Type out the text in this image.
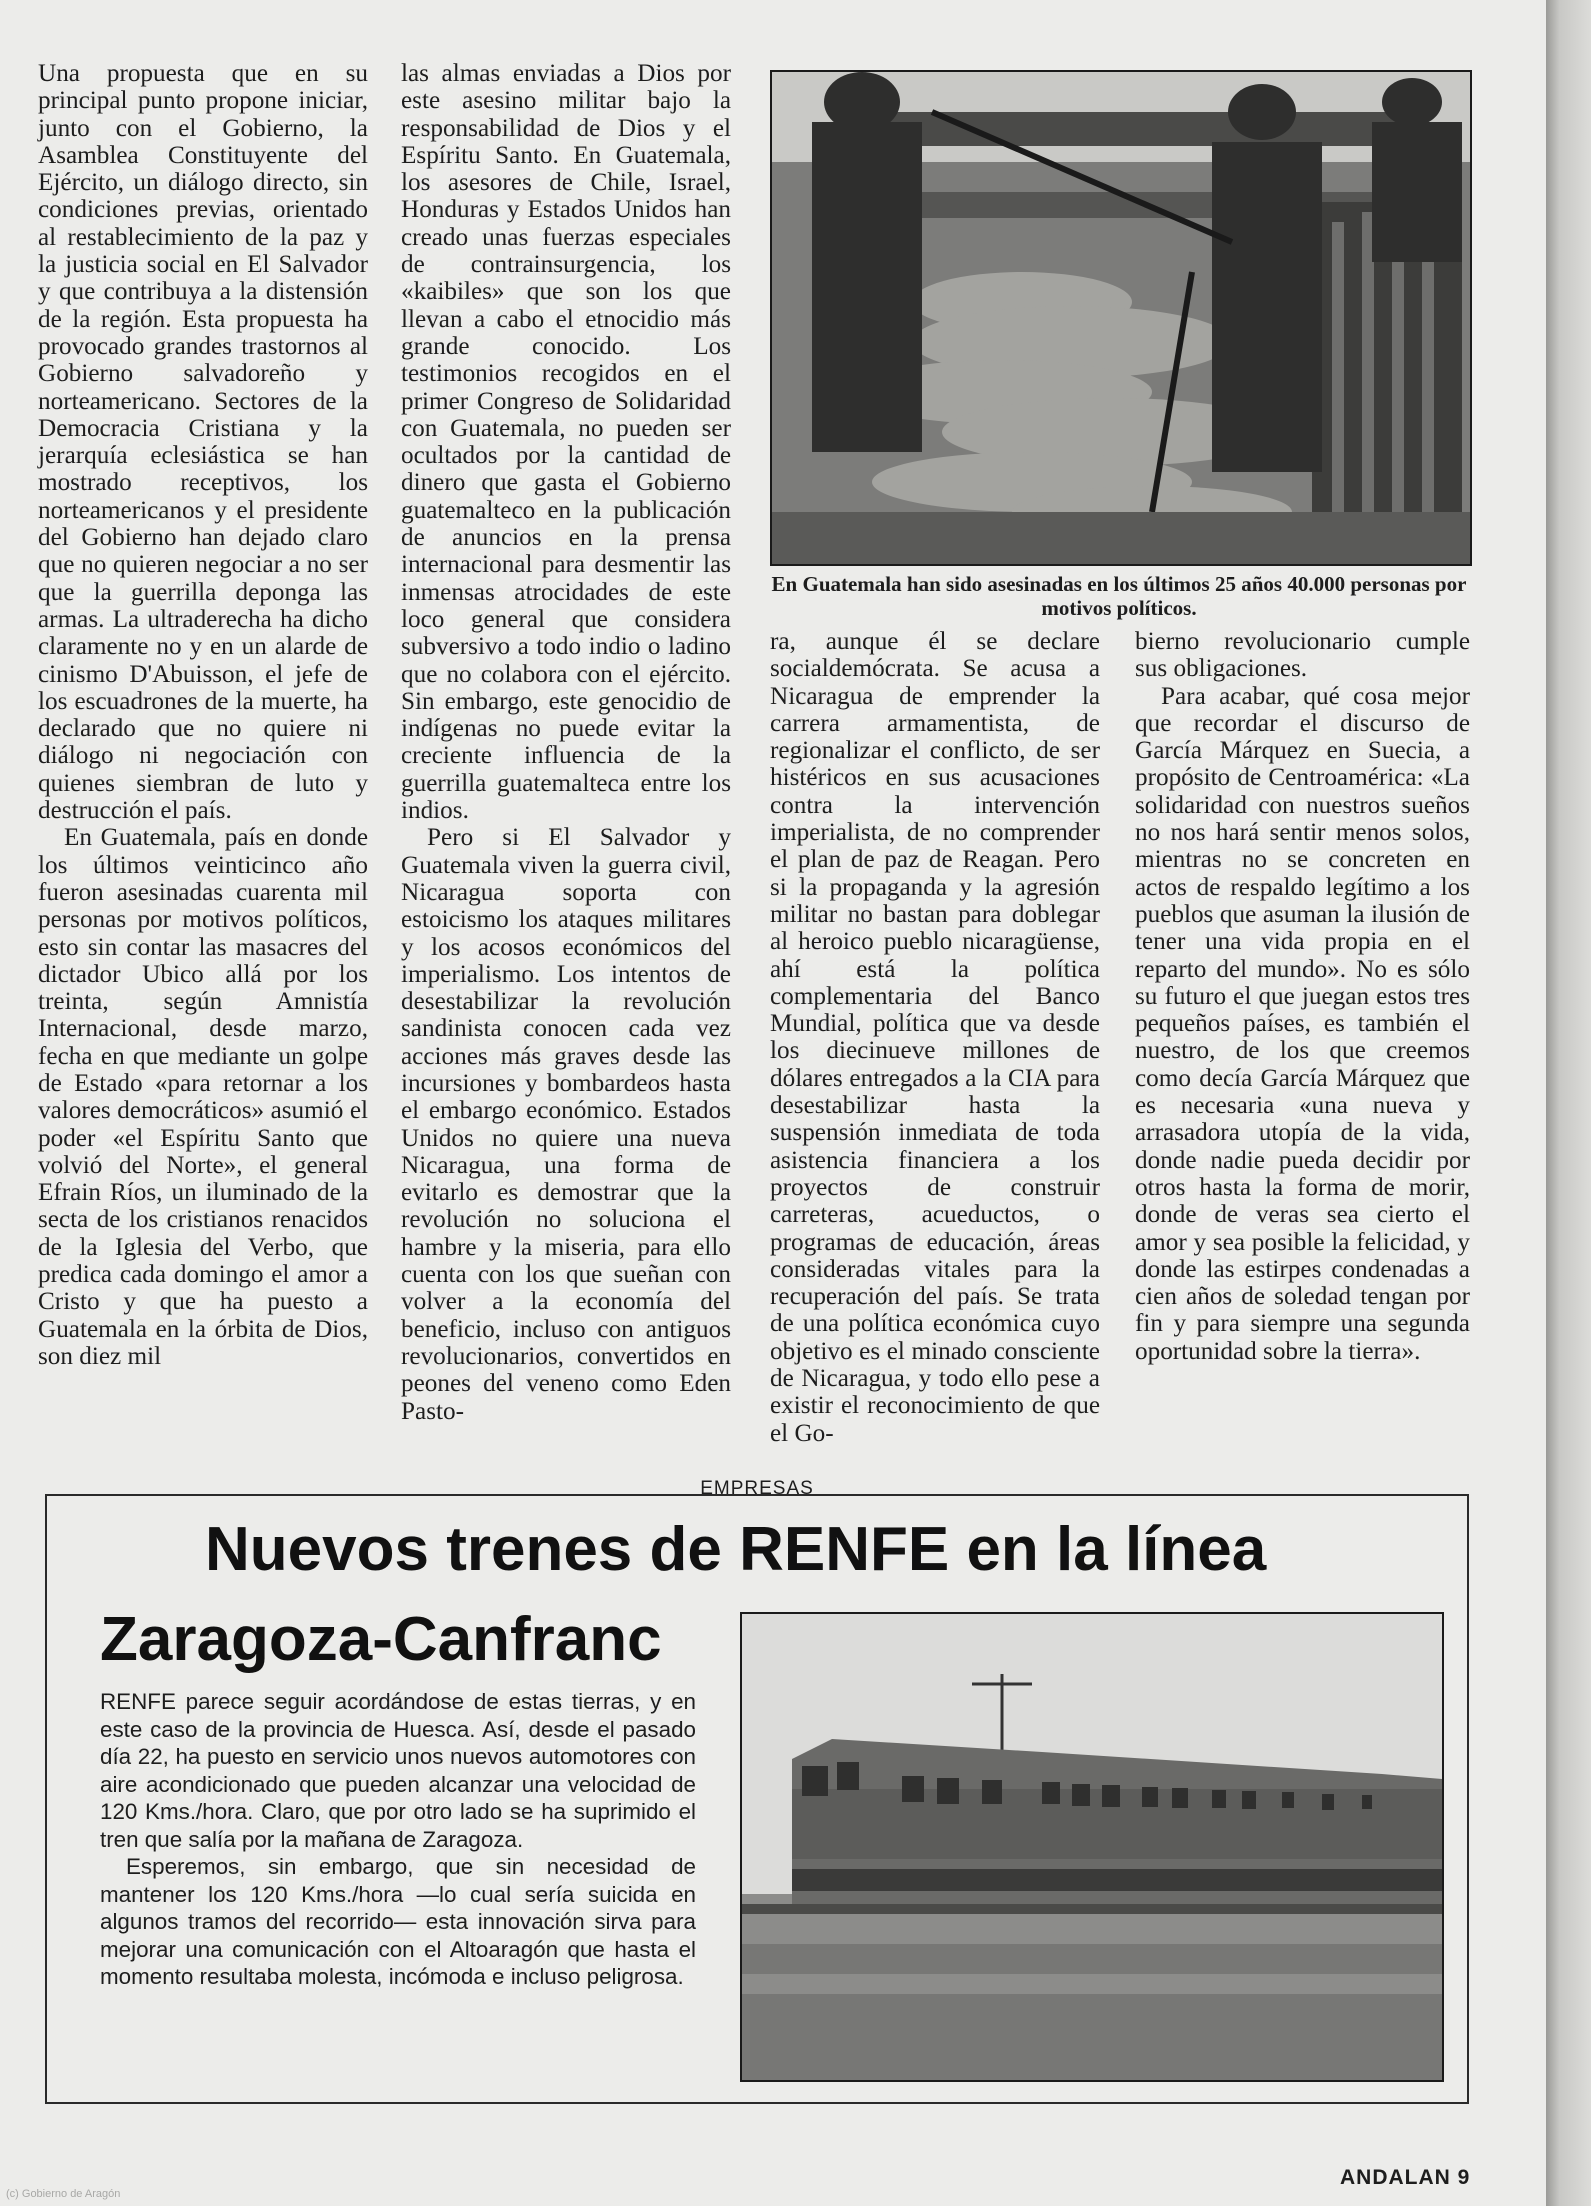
Una propuesta que en su principal punto propone iniciar, junto con el Gobierno, la Asamblea Constituyente del Ejército, un diálogo directo, sin condiciones previas, orientado al restablecimiento de la paz y la justicia social en El Salvador y que contribuya a la distensión de la región. Esta propuesta ha provocado grandes trastornos al Gobierno salvadoreño y norteamericano. Sectores de la Democracia Cristiana y la jerarquía eclesiástica se han mostrado receptivos, los norteamericanos y el presidente del Gobierno han dejado claro que no quieren negociar a no ser que la guerrilla deponga las armas. La ultraderecha ha dicho claramente no y en un alarde de cinismo D'Abuisson, el jefe de los escuadrones de la muerte, ha declarado que no quiere ni diálogo ni negociación con quienes siembran de luto y destrucción el país.

En Guatemala, país en donde los últimos veinticinco año fueron asesinadas cuarenta mil personas por motivos políticos, esto sin contar las masacres del dictador Ubico allá por los treinta, según Amnistía Internacional, desde marzo, fecha en que mediante un golpe de Estado «para retornar a los valores democráticos» asumió el poder «el Espíritu Santo que volvió del Norte», el general Efrain Ríos, un iluminado de la secta de los cristianos renacidos de la Iglesia del Verbo, que predica cada domingo el amor a Cristo y que ha puesto a Guatemala en la órbita de Dios, son diez mil

las almas enviadas a Dios por este asesino militar bajo la responsabilidad de Dios y el Espíritu Santo. En Guatemala, los asesores de Chile, Israel, Honduras y Estados Unidos han creado unas fuerzas especiales de contrainsurgencia, los «kaibiles» que son los que llevan a cabo el etnocidio más grande conocido. Los testimonios recogidos en el primer Congreso de Solidaridad con Guatemala, no pueden ser ocultados por la cantidad de dinero que gasta el Gobierno guatemalteco en la publicación de anuncios en la prensa internacional para desmentir las inmensas atrocidades de este loco general que considera subversivo a todo indio o ladino que no colabora con el ejército. Sin embargo, este genocidio de indígenas no puede evitar la creciente influencia de la guerrilla guatemalteca entre los indios.

Pero si El Salvador y Guatemala viven la guerra civil, Nicaragua soporta con estoicismo los ataques militares y los acosos económicos del imperialismo. Los intentos de desestabilizar la revolución sandinista conocen cada vez acciones más graves desde las incursiones y bombardeos hasta el embargo económico. Estados Unidos no quiere una nueva Nicaragua, una forma de evitarlo es demostrar que la revolución no soluciona el hambre y la miseria, para ello cuenta con los que sueñan con volver a la economía del beneficio, incluso con antiguos revolucionarios, convertidos en peones del veneno como Eden Pasto-

En Guatemala han sido asesinadas en los últimos 25 años 40.000 personas por motivos políticos.

ra, aunque él se declare socialdemócrata. Se acusa a Nicaragua de emprender la carrera armamentista, de regionalizar el conflicto, de ser histéricos en sus acusaciones contra la intervención imperialista, de no comprender el plan de paz de Reagan. Pero si la propaganda y la agresión militar no bastan para doblegar al heroico pueblo nicaragüense, ahí está la política complementaria del Banco Mundial, política que va desde los diecinueve millones de dólares entregados a la CIA para desestabilizar hasta la suspensión inmediata de toda asistencia financiera a los proyectos de construir carreteras, acueductos, o programas de educación, áreas consideradas vitales para la recuperación del país. Se trata de una política económica cuyo objetivo es el minado consciente de Nicaragua, y todo ello pese a existir el reconocimiento de que el Go-

bierno revolucionario cumple sus obligaciones.

Para acabar, qué cosa mejor que recordar el discurso de García Márquez en Suecia, a propósito de Centroamérica: «La solidaridad con nuestros sueños no nos hará sentir menos solos, mientras no se concreten en actos de respaldo legítimo a los pueblos que asuman la ilusión de tener una vida propia en el reparto del mundo». No es sólo su futuro el que juegan estos tres pequeños países, es también el nuestro, de los que creemos como decía García Márquez que es necesaria «una nueva y arrasadora utopía de la vida, donde nadie pueda decidir por otros hasta la forma de morir, donde de veras sea cierto el amor y sea posible la felicidad, y donde las estirpes condenadas a cien años de soledad tengan por fin y para siempre una segunda oportunidad sobre la tierra».

EMPRESAS
Nuevos trenes de RENFE en la línea
Zaragoza-Canfranc

RENFE parece seguir acordándose de estas tierras, y en este caso de la provincia de Huesca. Así, desde el pasado día 22, ha puesto en servicio unos nuevos automotores con aire acondicionado que pueden alcanzar una velocidad de 120 Kms./hora. Claro, que por otro lado se ha suprimido el tren que salía por la mañana de Zaragoza.

Esperemos, sin embargo, que sin necesidad de mantener los 120 Kms./hora —lo cual sería suicida en algunos tramos del recorrido— esta innovación sirva para mejorar una comunicación con el Altoaragón que hasta el momento resultaba molesta, incómoda e incluso peligrosa.

ANDALAN 9
(c) Gobierno de Aragón
